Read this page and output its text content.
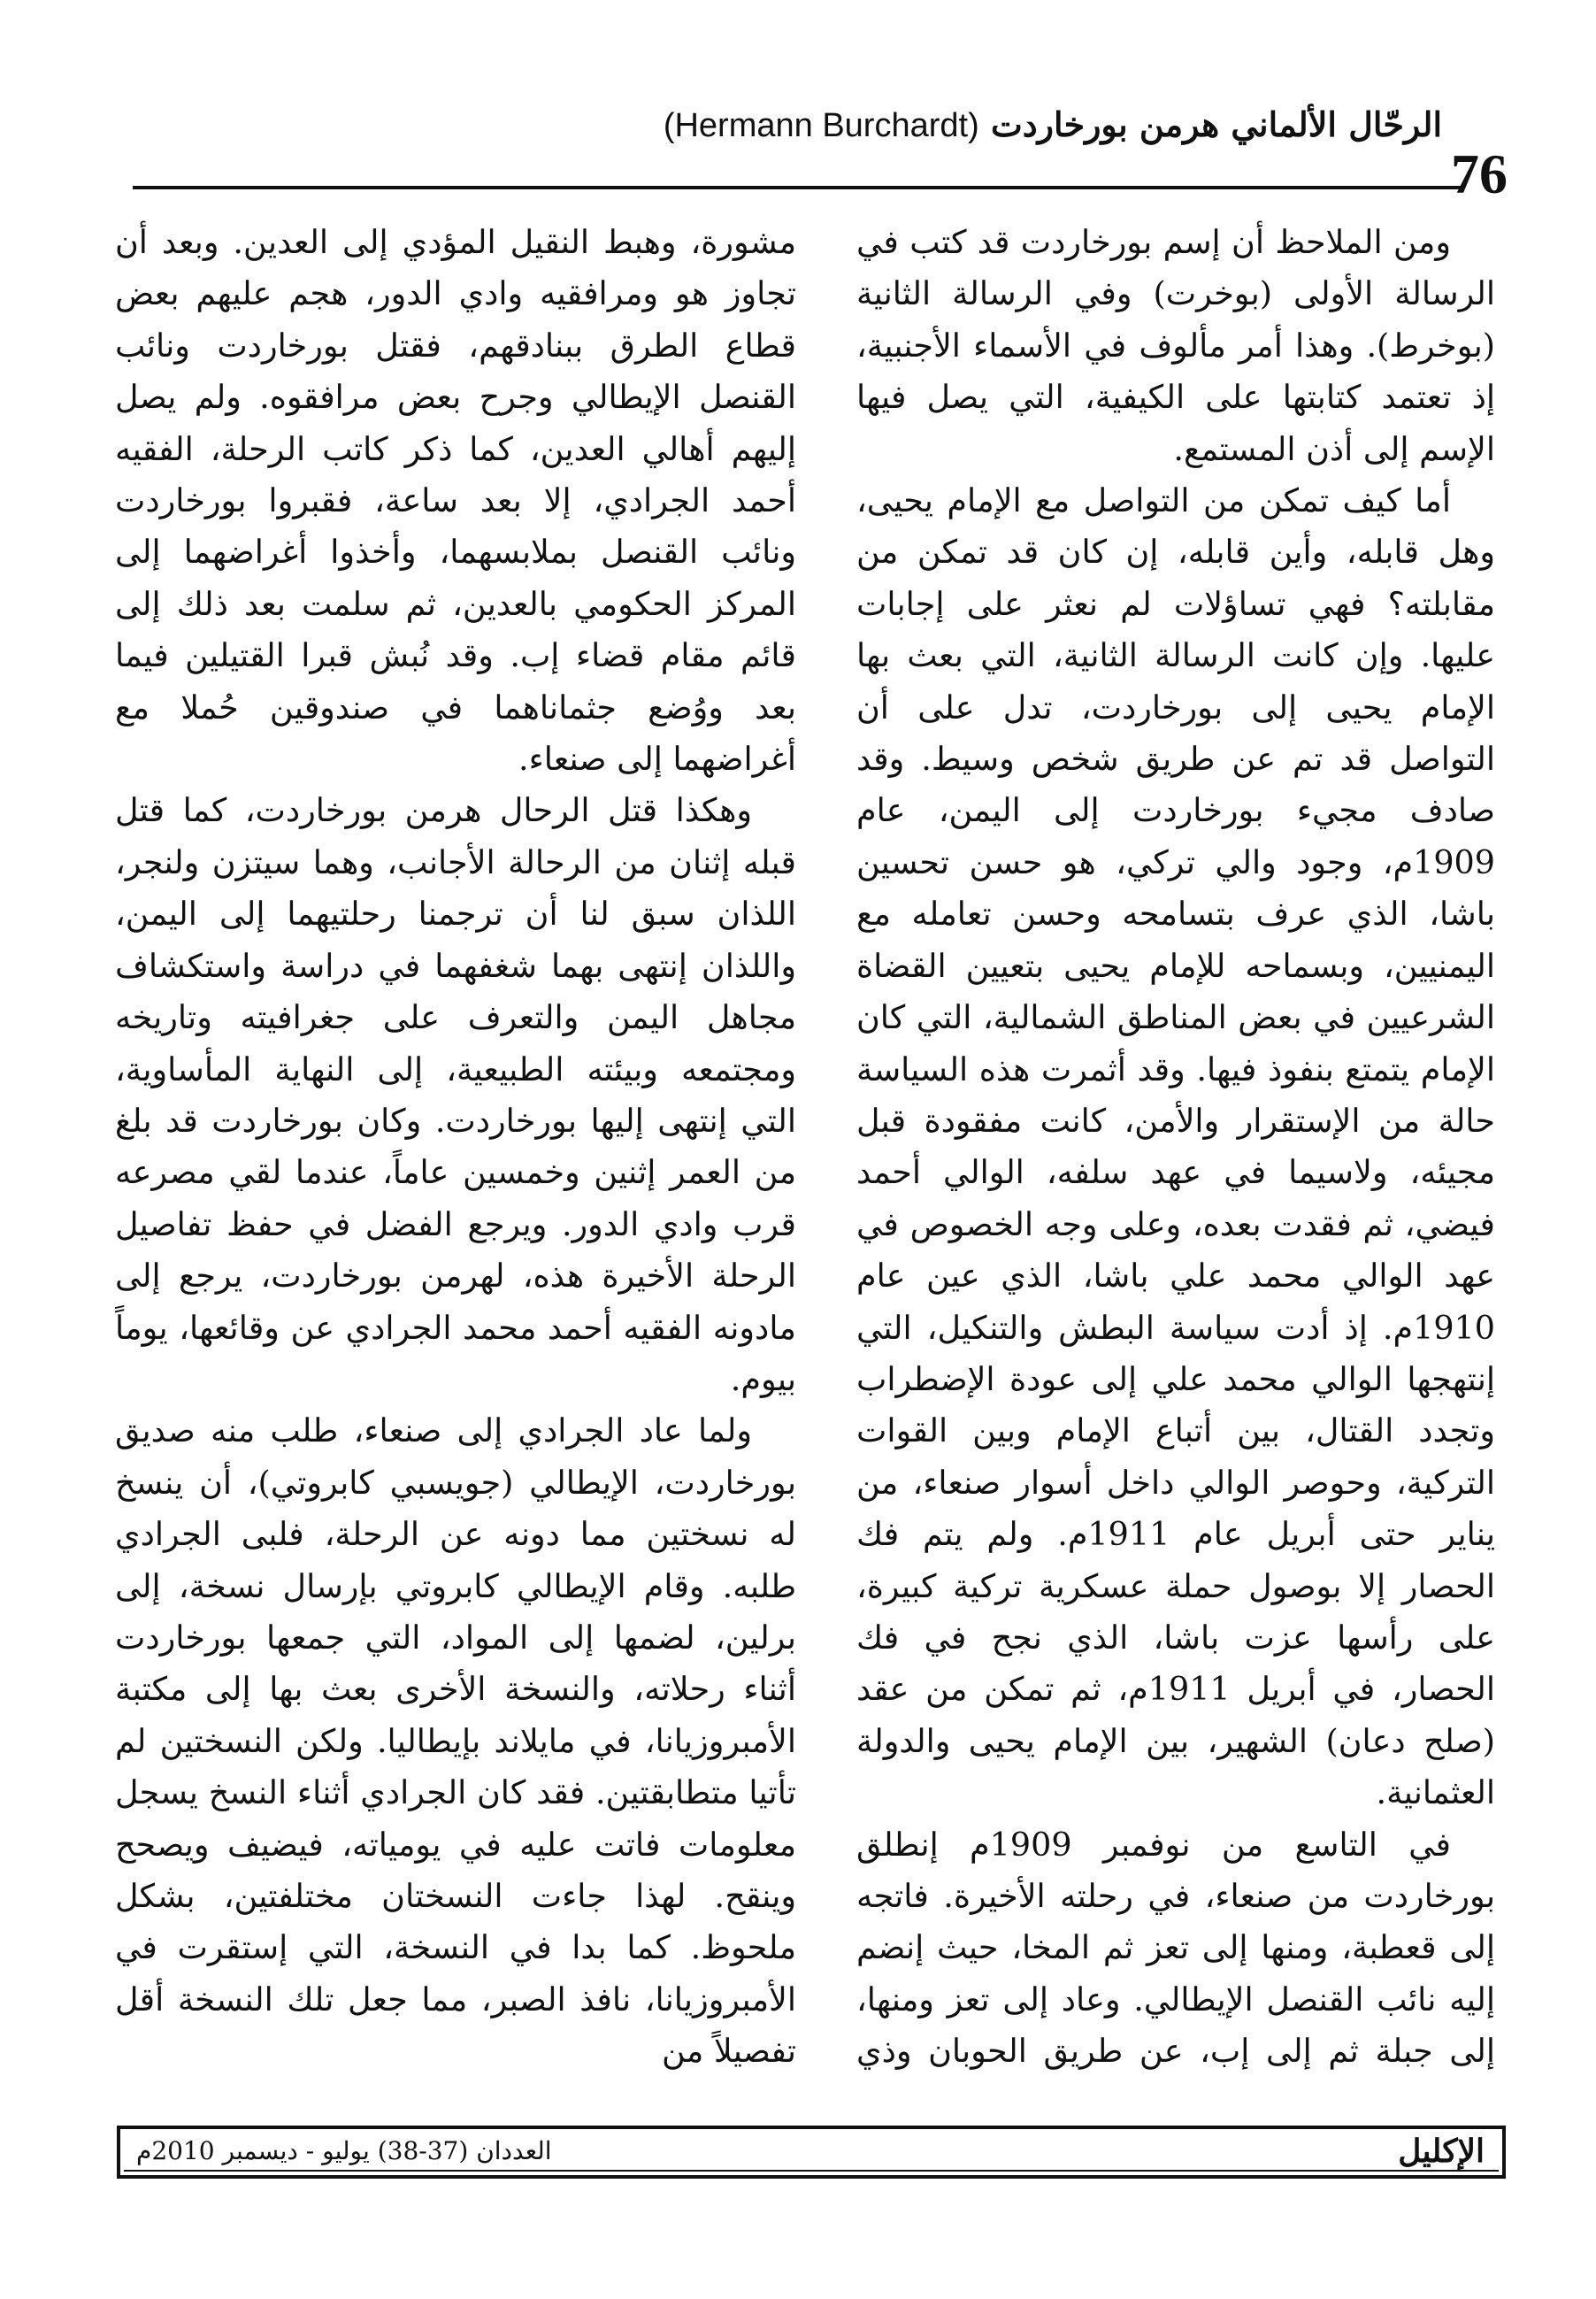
76
الرحّال الألماني هرمن بورخاردت (Hermann Burchardt)

ومن الملاحظ أن إسم بورخاردت قد كتب في الرسالة الأولى (بوخرت) وفي الرسالة الثانية (بوخرط). وهذا أمر مألوف في الأسماء الأجنبية، إذ تعتمد كتابتها على الكيفية، التي يصل فيها الإسم إلى أذن المستمع.

أما كيف تمكن من التواصل مع الإمام يحيى، وهل قابله، وأين قابله، إن كان قد تمكن من مقابلته؟ فهي تساؤلات لم نعثر على إجابات عليها. وإن كانت الرسالة الثانية، التي بعث بها الإمام يحيى إلى بورخاردت، تدل على أن التواصل قد تم عن طريق شخص وسيط. وقد صادف مجيء بورخاردت إلى اليمن، عام 1909م، وجود والي تركي، هو حسن تحسين باشا، الذي عرف بتسامحه وحسن تعامله مع اليمنيين، وبسماحه للإمام يحيى بتعيين القضاة الشرعيين في بعض المناطق الشمالية، التي كان الإمام يتمتع بنفوذ فيها. وقد أثمرت هذه السياسة حالة من الإستقرار والأمن، كانت مفقودة قبل مجيئه، ولاسيما في عهد سلفه، الوالي أحمد فيضي، ثم فقدت بعده، وعلى وجه الخصوص في عهد الوالي محمد علي باشا، الذي عين عام 1910م. إذ أدت سياسة البطش والتنكيل، التي إنتهجها الوالي محمد علي إلى عودة الإضطراب وتجدد القتال، بين أتباع الإمام وبين القوات التركية، وحوصر الوالي داخل أسوار صنعاء، من يناير حتى أبريل عام 1911م. ولم يتم فك الحصار إلا بوصول حملة عسكرية تركية كبيرة، على رأسها عزت باشا، الذي نجح في فك الحصار، في أبريل 1911م، ثم تمكن من عقد (صلح دعان) الشهير، بين الإمام يحيى والدولة العثمانية.

في التاسع من نوفمبر 1909م إنطلق بورخاردت من صنعاء، في رحلته الأخيرة. فاتجه إلى قعطبة، ومنها إلى تعز ثم المخا، حيث إنضم إليه نائب القنصل الإيطالي. وعاد إلى تعز ومنها، إلى جبلة ثم إلى إب، عن طريق الحوبان وذي

مشورة، وهبط النقيل المؤدي إلى العدين. وبعد أن تجاوز هو ومرافقيه وادي الدور، هجم عليهم بعض قطاع الطرق ببنادقهم، فقتل بورخاردت ونائب القنصل الإيطالي وجرح بعض مرافقوه. ولم يصل إليهم أهالي العدين، كما ذكر كاتب الرحلة، الفقيه أحمد الجرادي، إلا بعد ساعة، فقبروا بورخاردت ونائب القنصل بملابسهما، وأخذوا أغراضهما إلى المركز الحكومي بالعدين، ثم سلمت بعد ذلك إلى قائم مقام قضاء إب. وقد نُبش قبرا القتيلين فيما بعد ووُضع جثماناهما في صندوقين حُملا مع أغراضهما إلى صنعاء.

وهكذا قتل الرحال هرمن بورخاردت، كما قتل قبله إثنان من الرحالة الأجانب، وهما سيتزن ولنجر، اللذان سبق لنا أن ترجمنا رحلتيهما إلى اليمن، واللذان إنتهى بهما شغفهما في دراسة واستكشاف مجاهل اليمن والتعرف على جغرافيته وتاريخه ومجتمعه وبيئته الطبيعية، إلى النهاية المأساوية، التي إنتهى إليها بورخاردت. وكان بورخاردت قد بلغ من العمر إثنين وخمسين عاماً، عندما لقي مصرعه قرب وادي الدور. ويرجع الفضل في حفظ تفاصيل الرحلة الأخيرة هذه، لهرمن بورخاردت، يرجع إلى مادونه الفقيه أحمد محمد الجرادي عن وقائعها، يوماً بيوم.

ولما عاد الجرادي إلى صنعاء، طلب منه صديق بورخاردت، الإيطالي (جويسبي كابروتي)، أن ينسخ له نسختين مما دونه عن الرحلة، فلبى الجرادي طلبه. وقام الإيطالي كابروتي بإرسال نسخة، إلى برلين، لضمها إلى المواد، التي جمعها بورخاردت أثناء رحلاته، والنسخة الأخرى بعث بها إلى مكتبة الأمبروزيانا، في مايلاند بإيطاليا. ولكن النسختين لم تأتيا متطابقتين. فقد كان الجرادي أثناء النسخ يسجل معلومات فاتت عليه في يومياته، فيضيف ويصحح وينقح. لهذا جاءت النسختان مختلفتين، بشكل ملحوظ. كما بدا في النسخة، التي إستقرت في الأمبروزيانا، نافذ الصبر، مما جعل تلك النسخة أقل تفصيلاً من

الإكليل
العددان (37-38) يوليو - ديسمبر 2010م
